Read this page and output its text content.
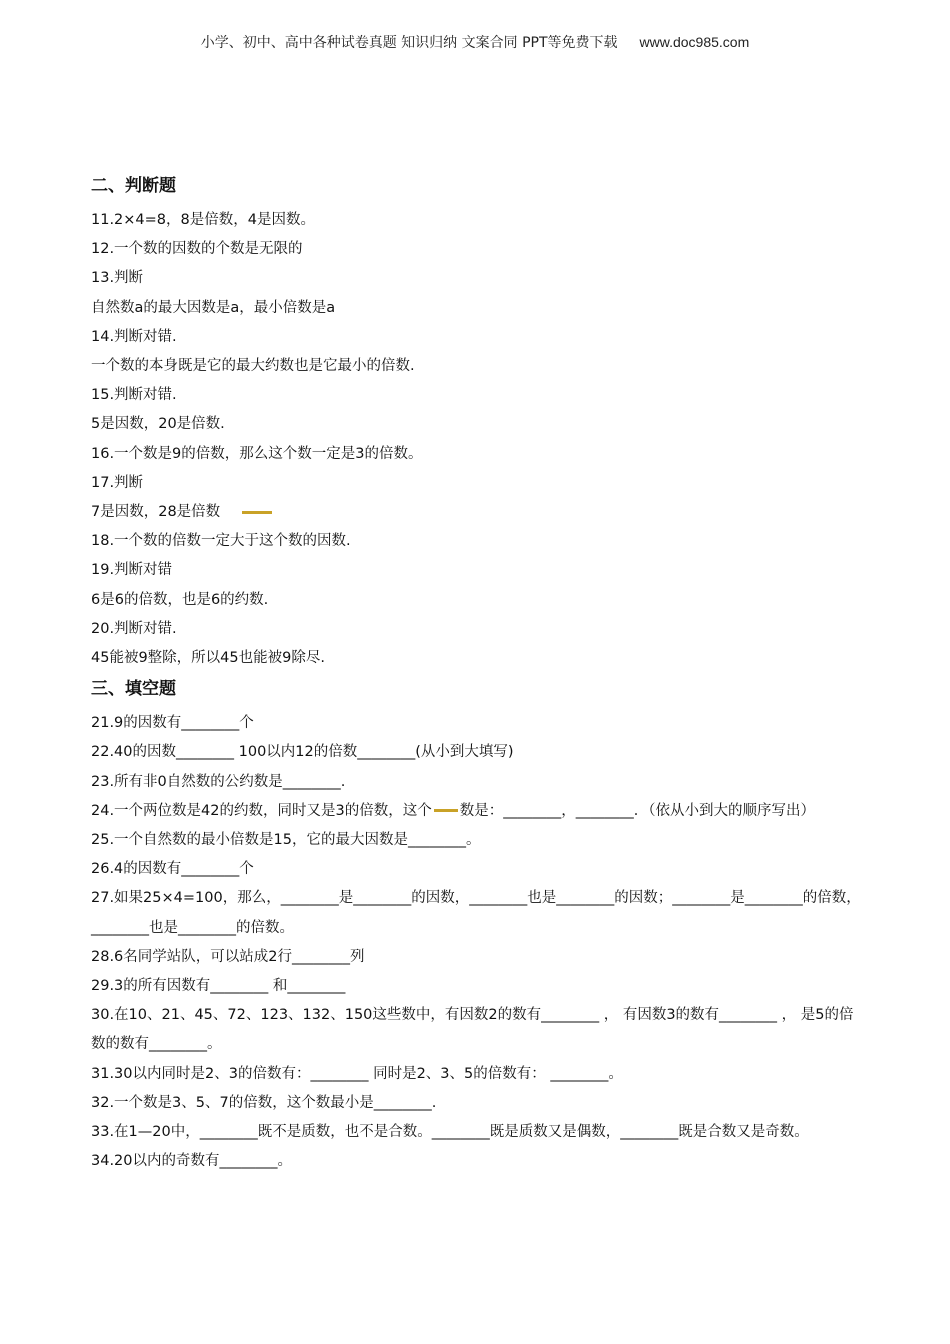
小学、初中、高中各种试卷真题 知识归纳 文案合同 PPT等免费下载 www.doc985.com
二、判断题
11.2×4=8，8是倍数，4是因数。
12.一个数的因数的个数是无限的
13.判断
自然数a的最大因数是a，最小倍数是a
14.判断对错.
一个数的本身既是它的最大约数也是它最小的倍数.
15.判断对错.
5是因数，20是倍数.
16.一个数是9的倍数，那么这个数一定是3的倍数。
17.判断
7是因数，28是倍数
18.一个数的倍数一定大于这个数的因数.
19.判断对错
6是6的倍数，也是6的约数.
20.判断对错.
45能被9整除，所以45也能被9除尽.
三、填空题
21.9的因数有________个
22.40的因数________ 100以内12的倍数________(从小到大填写)
23.所有非0自然数的公约数是________.
24.一个两位数是42的约数，同时又是3的倍数，这个 数是：________，________．（依从小到大的顺序写出）
25.一个自然数的最小倍数是15，它的最大因数是________。
26.4的因数有________个
27.如果25×4=100，那么，________是________的因数，________也是________的因数；________是________的倍数，________也是________的倍数。
28.6名同学站队，可以站成2行________列
29.3的所有因数有________ 和________
30.在10、21、45、72、123、132、150这些数中，有因数2的数有________ ， 有因数3的数有________ ， 是5的倍数的数有________。
31.30以内同时是2、3的倍数有：________ 同时是2、3、5的倍数有： ________。
32.一个数是3、5、7的倍数，这个数最小是________.
33.在1—20中，________既不是质数，也不是合数。________既是质数又是偶数，________既是合数又是奇数。
34.20以内的奇数有________。
